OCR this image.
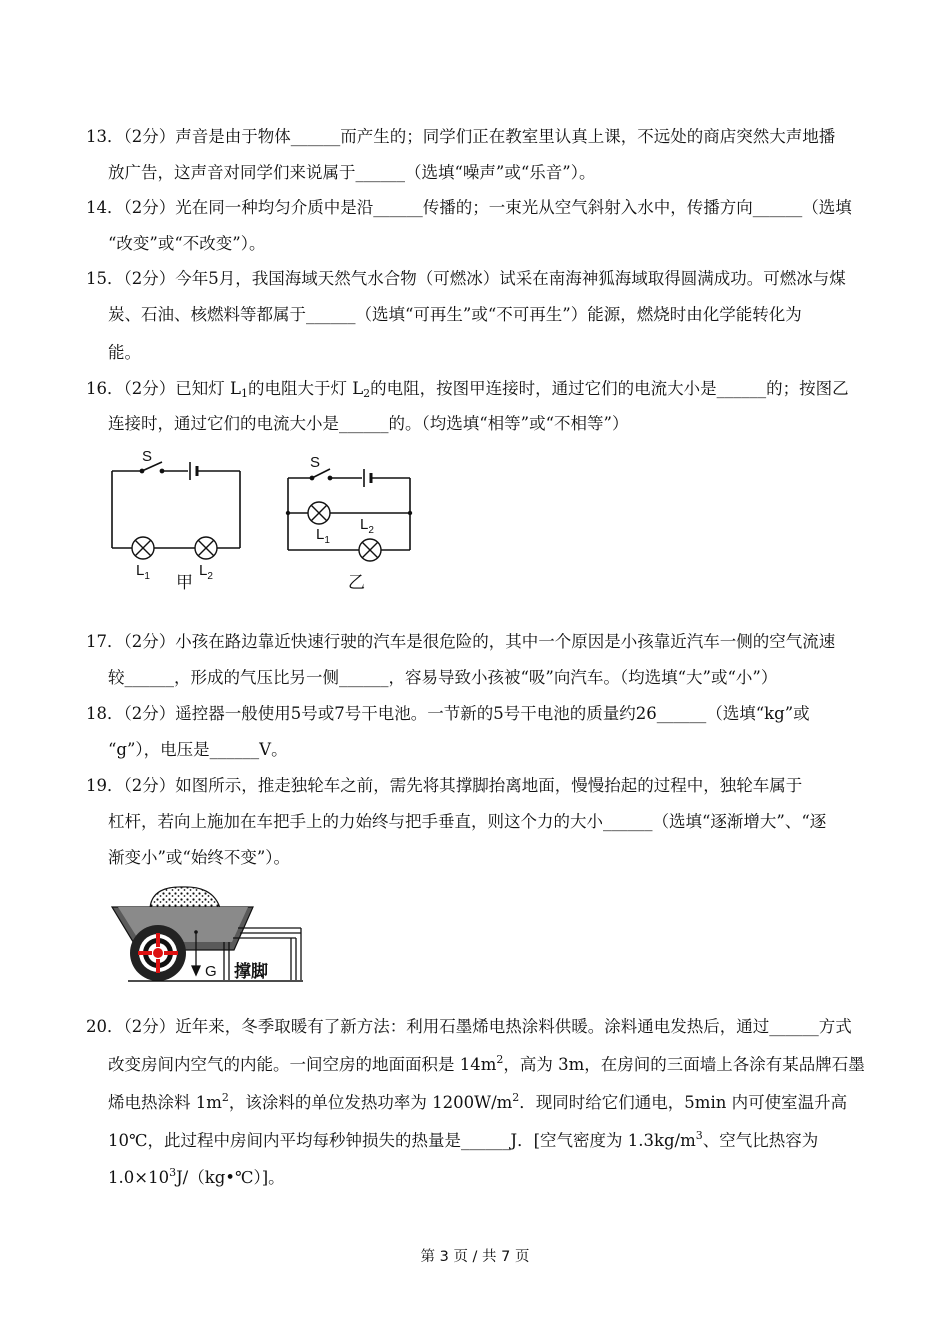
13．（2分）声音是由于物体______而产生的；同学们正在教室里认真上课，不远处的商店突然大声地播
放广告，这声音对同学们来说属于______（选填“噪声”或“乐音”）。
14．（2分）光在同一种均匀介质中是沿______传播的；一束光从空气斜射入水中，传播方向______（选填
“改变”或“不改变”）。
15．（2分）今年5月，我国海域天然气水合物（可燃冰）试采在南海神狐海域取得圆满成功。可燃冰与煤
炭、石油、核燃料等都属于______（选填“可再生”或“不可再生”）能源，燃烧时由化学能转化为
能。
16．（2分）已知灯 $L_1$的电阻大于灯 $L_2$的电阻，按图甲连接时，通过它们的电流大小是______的；按图乙
连接时，通过它们的电流大小是______的。（均选填“相等”或“不相等”）
S
$L_1$	$L_2$
甲
S
$L_1$
$L_2$
乙
17．（2分）小孩在路边靠近快速行驶的汽车是很危险的，其中一个原因是小孩靠近汽车一侧的空气流速
较______，形成的气压比另一侧______，容易导致小孩被“吸”向汽车。（均选填“大”或“小”）
18．（2分）遥控器一般使用5号或7号干电池。一节新的5号干电池的质量约26______（选填“kg”或
“g”），电压是______V。
19．（2分）如图所示，推走独轮车之前，需先将其撑脚抬离地面，慢慢抬起的过程中，独轮车属于
杠杆，若向上施加在车把手上的力始终与把手垂直，则这个力的大小______（选填“逐渐增大”、“逐
渐变小”或“始终不变”）。
G 撑脚
20．（2分）近年来，冬季取暖有了新方法：利用石墨烯电热涂料供暖。涂料通电发热后，通过______方式
改变房间内空气的内能。一间空房的地面面积是 $14m^2$，高为 3m，在房间的三面墙上各涂有某品牌石墨
烯电热涂料 $1m^2$，该涂料的单位发热功率为 $1200W/m^2$．现同时给它们通电，5min 内可使室温升高
10℃，此过程中房间内平均每秒钟损失的热量是______J．[空气密度为 $1.3kg/m^3$、空气比热容为
$1.0\times 10^3J/(kg•℃)$]。
第 3 页 / 共 7 页
